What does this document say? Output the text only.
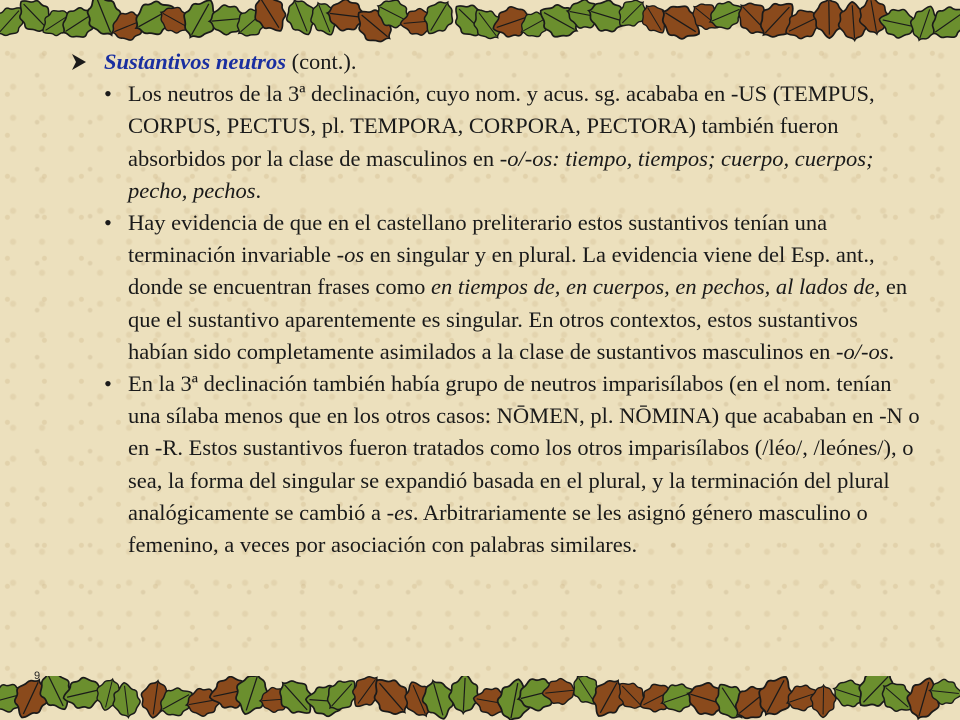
Sustantivos neutros (cont.).
• Los neutros de la 3ª declinación, cuyo nom. y acus. sg. acababa en -US (TEMPUS, CORPUS, PECTUS, pl. TEMPORA, CORPORA, PECTORA) también fueron absorbidos por la clase de masculinos en -o/-os: tiempo, tiempos; cuerpo, cuerpos; pecho, pechos.
• Hay evidencia de que en el castellano preliterario estos sustantivos tenían una terminación invariable -os en singular y en plural. La evidencia viene del Esp. ant., donde se encuentran frases como en tiempos de, en cuerpos, en pechos, al lados de, en que el sustantivo aparentemente es singular. En otros contextos, estos sustantivos habían sido completamente asimilados a la clase de sustantivos masculinos en -o/-os.
• En la 3ª declinación también había grupo de neutros imparisílabos (en el nom. tenían una sílaba menos que en los otros casos: NŌMEN, pl. NŌMINA) que acababan en -N o en -R. Estos sustantivos fueron tratados como los otros imparisílabos (/léo/, /leónes/), o sea, la forma del singular se expandió basada en el plural, y la terminación del plural analógicamente se cambió a -es. Arbitrariamente se les asignó género masculino o femenino, a veces por asociación con palabras similares.
9
